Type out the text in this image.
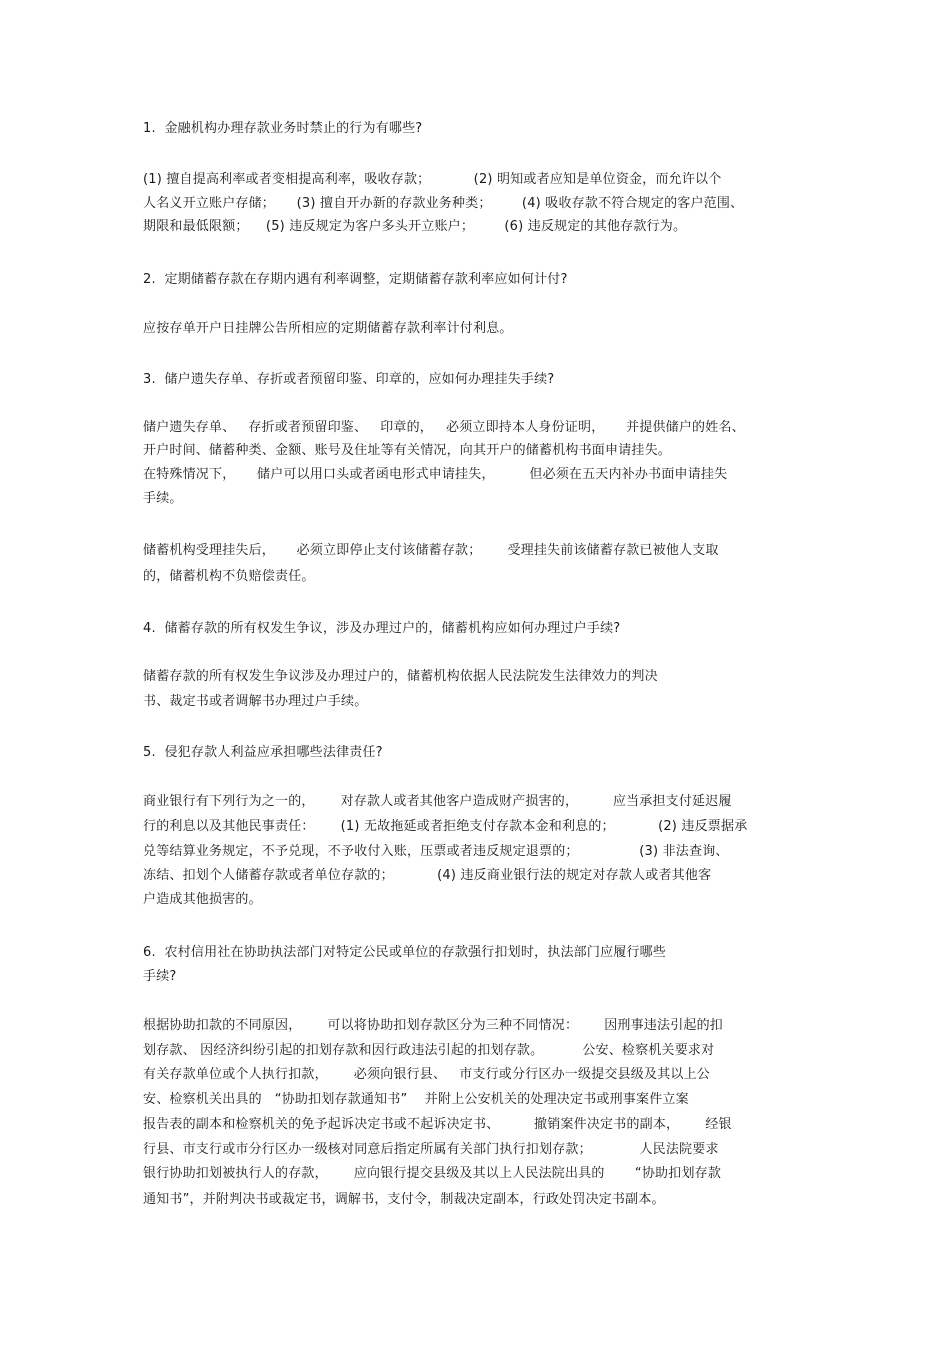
1.  金融机构办理存款业务时禁止的行为有哪些?
(1) 擅自提高利率或者变相提高利率，吸收存款；          (2) 明知或者应知是单位资金，而允许以个
人名义开立账户存储；     (3) 擅自开办新的存款业务种类；       (4) 吸收存款不符合规定的客户范围、
期限和最低限额；    (5) 违反规定为客户多头开立账户；       (6) 违反规定的其他存款行为。
2.  定期储蓄存款在存期内遇有利率调整，定期储蓄存款利率应如何计付?
应按存单开户日挂牌公告所相应的定期储蓄存款利率计付利息。
3.  储户遗失存单、存折或者预留印鉴、印章的，应如何办理挂失手续?
储户遗失存单、   存折或者预留印鉴、   印章的，   必须立即持本人身份证明，     并提供储户的姓名、
开户时间、储蓄种类、金额、账号及住址等有关情况，向其开户的储蓄机构书面申请挂失。
在特殊情况下，     储户可以用口头或者函电形式申请挂失，        但必须在五天内补办书面申请挂失
手续。
储蓄机构受理挂失后，     必须立即停止支付该储蓄存款；      受理挂失前该储蓄存款已被他人支取
的，储蓄机构不负赔偿责任。
4.  储蓄存款的所有权发生争议，涉及办理过户的，储蓄机构应如何办理过户手续?
储蓄存款的所有权发生争议涉及办理过户的，储蓄机构依据人民法院发生法律效力的判决
书、裁定书或者调解书办理过户手续。
5.  侵犯存款人利益应承担哪些法律责任?
商业银行有下列行为之一的，      对存款人或者其他客户造成财产损害的，        应当承担支付延迟履
行的利息以及其他民事责任：      (1) 无故拖延或者拒绝支付存款本金和利息的；          (2) 违反票据承
兑等结算业务规定，不予兑现，不予收付入账，压票或者违反规定退票的；              (3) 非法查询、
冻结、扣划个人储蓄存款或者单位存款的；          (4) 违反商业银行法的规定对存款人或者其他客
户造成其他损害的。
6.  农村信用社在协助执法部门对特定公民或单位的存款强行扣划时，执法部门应履行哪些
手续?
根据协助扣款的不同原因，      可以将协助扣划存款区分为三种不同情况：      因刑事违法引起的扣
划存款、 因经济纠纷引起的扣划存款和因行政违法引起的扣划存款。         公安、检察机关要求对
有关存款单位或个人执行扣款，      必须向银行县、   市支行或分行区办一级提交县级及其以上公
安、检察机关出具的   “协助扣划存款通知书”    并附上公安机关的处理决定书或刑事案件立案
报告表的副本和检察机关的免予起诉决定书或不起诉决定书、        撤销案件决定书的副本，      经银
行县、市支行或市分行区办一级核对同意后指定所属有关部门执行扣划存款；           人民法院要求
银行协助扣划被执行人的存款，      应向银行提交县级及其以上人民法院出具的       “协助扣划存款
通知书”，并附判决书或裁定书，调解书，支付令，制裁决定副本，行政处罚决定书副本。
